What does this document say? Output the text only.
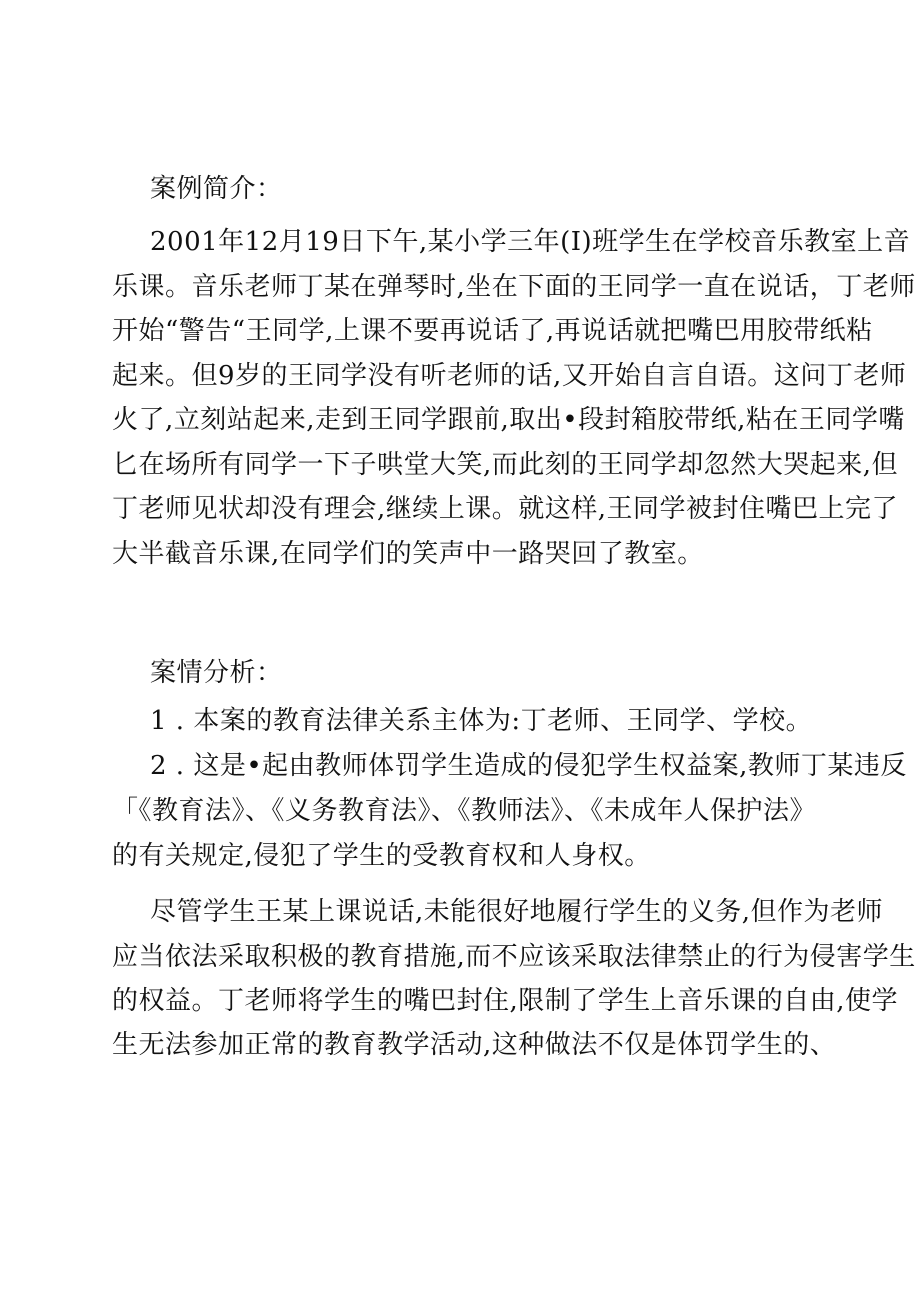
案例简介：
2001年12月19日下午,某小学三年(I)班学生在学校音乐教室上音
乐课。音乐老师丁某在弹琴时,坐在下面的王同学一直在说话，丁老师
开始“警告“王同学,上课不要再说话了,再说话就把嘴巴用胶带纸粘
起来。但9岁的王同学没有听老师的话,又开始自言自语。这问丁老师
火了,立刻站起来,走到王同学跟前,取出•段封箱胶带纸,粘在王同学嘴
匕在场所有同学一下子哄堂大笑,而此刻的王同学却忽然大哭起来,但
丁老师见状却没有理会,继续上课。就这样,王同学被封住嘴巴上完了
大半截音乐课,在同学们的笑声中一路哭回了教室。
案情分析：
1 . 本案的教育法律关系主体为:丁老师、王同学、学校。
2 . 这是•起由教师体罚学生造成的侵犯学生权益案,教师丁某违反
「《教育法》、《义务教育法》、《教师法》、《未成年人保护法》
的有关规定,侵犯了学生的受教育权和人身权。
尽管学生王某上课说话,未能很好地履行学生的义务,但作为老师
应当依法采取积极的教育措施,而不应该采取法律禁止的行为侵害学生
的权益。丁老师将学生的嘴巴封住,限制了学生上音乐课的自由,使学
生无法参加正常的教育教学活动,这种做法不仅是体罚学生的、
